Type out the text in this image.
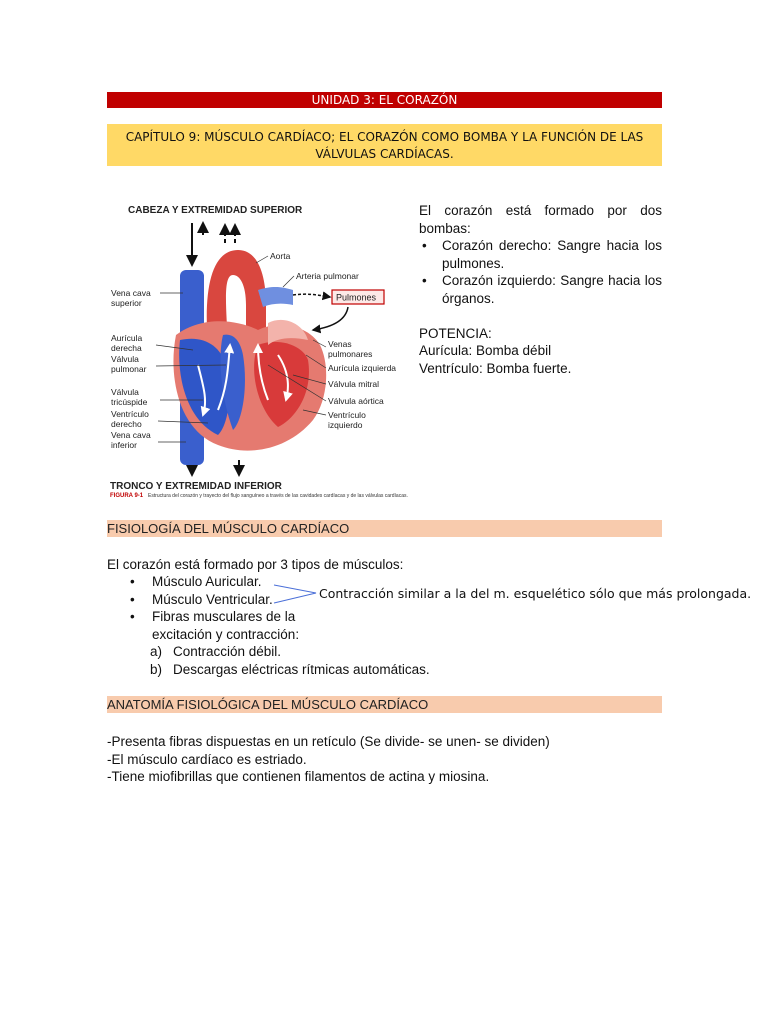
UNIDAD 3: EL CORAZÓN
CAPÍTULO 9: MÚSCULO CARDÍACO; EL CORAZÓN COMO BOMBA Y LA FUNCIÓN DE LAS VÁLVULAS CARDÍACAS.
CABEZA Y EXTREMIDAD SUPERIOR
TRONCO Y EXTREMIDAD INFERIOR
FIGURA 9-1 Estructura del corazón y trayecto del flujo sanguíneo a través de las cavidades cardíacas y de las válvulas cardíacas.
Pulmones
Vena cava
superior
Aurícula
derecha
Válvula
pulmonar
Válvula
tricúspide
Ventrículo
derecho
Vena cava
inferior
Aorta
Arteria pulmonar
Venas
pulmonares
Aurícula izquierda
Válvula mitral
Válvula aórtica
Ventrículo
izquierdo

El corazón está formado por dos bombas:

• Corazón derecho: Sangre hacia los pulmones.
• Corazón izquierdo: Sangre hacia los órganos.
POTENCIA:
Aurícula: Bomba débil
Ventrículo: Bomba fuerte.
FISIOLOGÍA DEL MÚSCULO CARDÍACO
El corazón está formado por 3 tipos de músculos:
• Músculo Auricular.
• Músculo Ventricular.
• Fibras musculares de la excitación y contracción:
a) Contracción débil.
b) Descargas eléctricas rítmicas automáticas.
Contracción similar a la del m. esquelético sólo que más prolongada.
ANATOMÍA FISIOLÓGICA DEL MÚSCULO CARDÍACO
-Presenta fibras dispuestas en un retículo (Se divide- se unen- se dividen)
-El músculo cardíaco es estriado.
-Tiene miofibrillas que contienen filamentos de actina y miosina.
